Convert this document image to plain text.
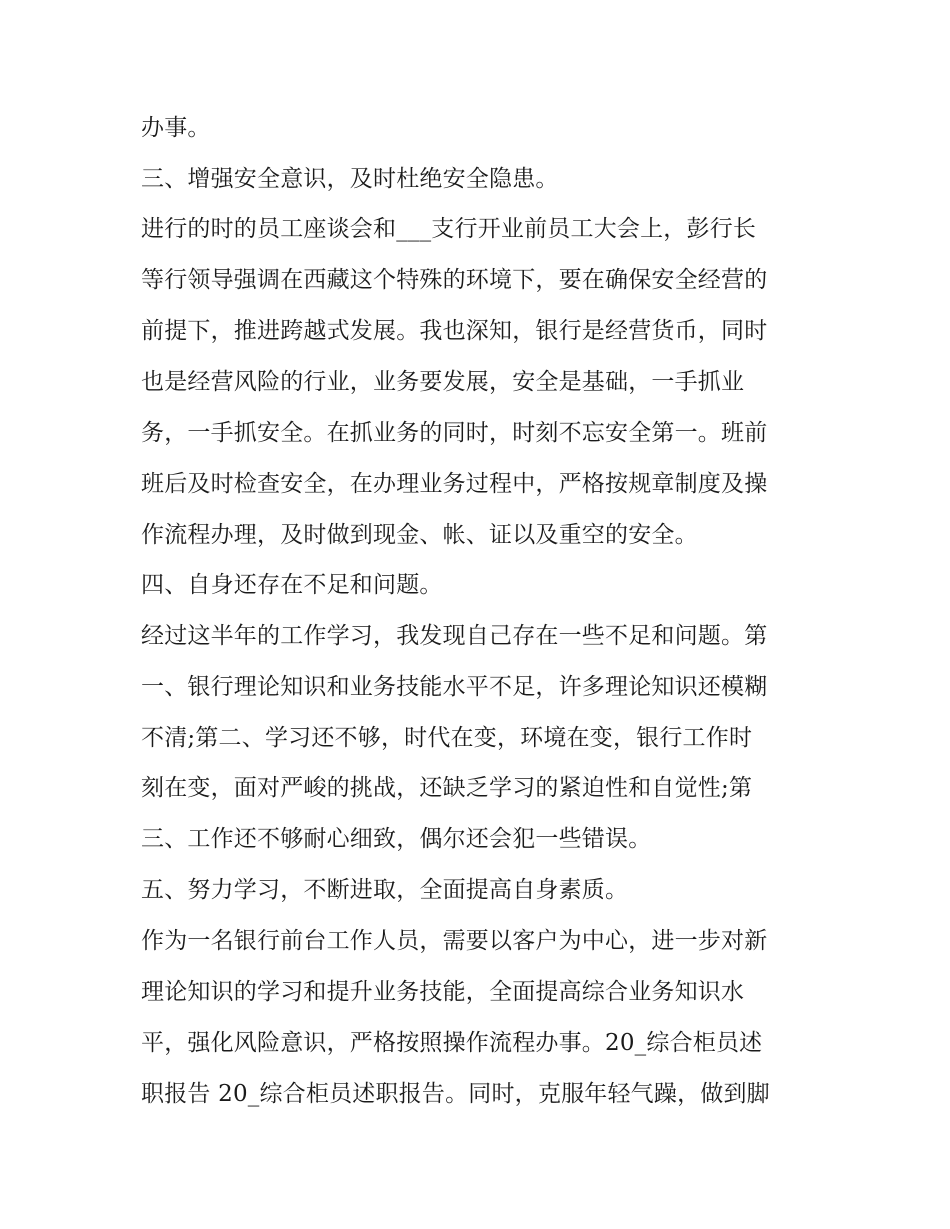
办事。
三、增强安全意识，及时杜绝安全隐患。
进行的时的员工座谈会和___支行开业前员工大会上，彭行长
等行领导强调在西藏这个特殊的环境下，要在确保安全经营的
前提下，推进跨越式发展。我也深知，银行是经营货币，同时
也是经营风险的行业，业务要发展，安全是基础，一手抓业
务，一手抓安全。在抓业务的同时，时刻不忘安全第一。班前
班后及时检查安全，在办理业务过程中，严格按规章制度及操
作流程办理，及时做到现金、帐、证以及重空的安全。
四、自身还存在不足和问题。
经过这半年的工作学习，我发现自己存在一些不足和问题。第
一、银行理论知识和业务技能水平不足，许多理论知识还模糊
不清;第二、学习还不够，时代在变，环境在变，银行工作时
刻在变，面对严峻的挑战，还缺乏学习的紧迫性和自觉性;第
三、工作还不够耐心细致，偶尔还会犯一些错误。
五、努力学习，不断进取，全面提高自身素质。
作为一名银行前台工作人员，需要以客户为中心，进一步对新
理论知识的学习和提升业务技能，全面提高综合业务知识水
平，强化风险意识，严格按照操作流程办事。20_综合柜员述
职报告 20_综合柜员述职报告。同时，克服年轻气躁，做到脚
